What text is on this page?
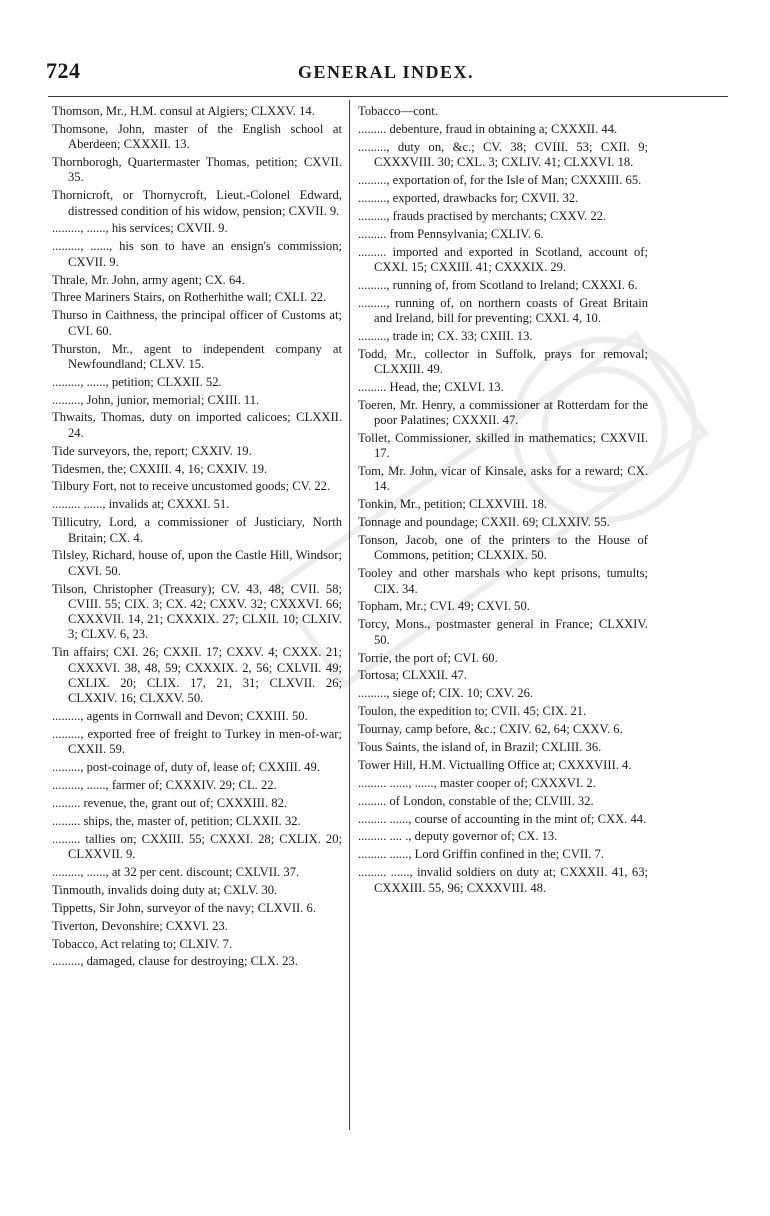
724	GENERAL INDEX.
Thomson, Mr., H.M. consul at Algiers; CLXXV. 14.
Thomsone, John, master of the English school at Aberdeen; CXXXII. 13.
Thornborogh, Quartermaster Thomas, petition; CXVII. 35.
Thornicroft, or Thornycroft, Lieut.-Colonel Edward, distressed condition of his widow, pension; CXVII. 9.
........., ......, his services; CXVII. 9.
........., ......, his son to have an ensign's commission; CXVII. 9.
Thrale, Mr. John, army agent; CX. 64.
Three Mariners Stairs, on Rotherhithe wall; CXLI. 22.
Thurso in Caithness, the principal officer of Customs at; CVI. 60.
Thurston, Mr., agent to independent company at Newfoundland; CLXV. 15.
........., ......, petition; CLXXII. 52.
........., John, junior, memorial; CXIII. 11.
Thwaits, Thomas, duty on imported calicoes; CLXXII. 24.
Tide surveyors, the, report; CXXIV. 19.
Tidesmen, the; CXXIII. 4, 16; CXXIV. 19.
Tilbury Fort, not to receive uncustomed goods; CV. 22.
......... ......, invalids at; CXXXI. 51.
Tillicutry, Lord, a commissioner of Justiciary, North Britain; CX. 4.
Tilsley, Richard, house of, upon the Castle Hill, Windsor; CXVI. 50.
Tilson, Christopher (Treasury); CV. 43, 48; CVII. 58; CVIII. 55; CIX. 3; CX. 42; CXXV. 32; CXXXVI. 66; CXXXVII. 14, 21; CXXXIX. 27; CLXII. 10; CLXIV. 3; CLXV. 6, 23.
Tin affairs; CXI. 26; CXXII. 17; CXXV. 4; CXXX. 21; CXXXVI. 38, 48, 59; CXXXIX. 2, 56; CXLVII. 49; CXLIX. 20; CLIX. 17, 21, 31; CLXVII. 26; CLXXIV. 16; CLXXV. 50.
........., agents in Cornwall and Devon; CXXIII. 50.
........., exported free of freight to Turkey in men-of-war; CXXII. 59.
........., post-coinage of, duty of, lease of; CXXIII. 49.
........., ......, farmer of; CXXXIV. 29; CL. 22.
......... revenue, the, grant out of; CXXXIII. 82.
......... ships, the, master of, petition; CLXXII. 32.
......... tallies on; CXXIII. 55; CXXXI. 28; CXLIX. 20; CLXXVII. 9.
........., ......, at 32 per cent. discount; CXLVII. 37.
Tinmouth, invalids doing duty at; CXLV. 30.
Tippetts, Sir John, surveyor of the navy; CLXVII. 6.
Tiverton, Devonshire; CXXVI. 23.
Tobacco, Act relating to; CLXIV. 7.
........., damaged, clause for destroying; CLX. 23.
Tobacco—cont.
......... debenture, fraud in obtaining a; CXXXII. 44.
........., duty on, &c.; CV. 38; CVIII. 53; CXII. 9; CXXXVIII. 30; CXL. 3; CXLIV. 41; CLXXVI. 18.
........., exportation of, for the Isle of Man; CXXXIII. 65.
........., exported, drawbacks for; CXVII. 32.
........., frauds practised by merchants; CXXV. 22.
......... from Pennsylvania; CXLIV. 6.
......... imported and exported in Scotland, account of; CXXI. 15; CXXIII. 41; CXXXIX. 29.
........., running of, from Scotland to Ireland; CXXXI. 6.
........., running of, on northern coasts of Great Britain and Ireland, bill for preventing; CXXI. 4, 10.
........., trade in; CX. 33; CXIII. 13.
Todd, Mr., collector in Suffolk, prays for removal; CLXXIII. 49.
......... Head, the; CXLVI. 13.
Toeren, Mr. Henry, a commissioner at Rotterdam for the poor Palatines; CXXXII. 47.
Tollet, Commissioner, skilled in mathematics; CXXVII. 17.
Tom, Mr. John, vicar of Kinsale, asks for a reward; CX. 14.
Tonkin, Mr., petition; CLXXVIII. 18.
Tonnage and poundage; CXXII. 69; CLXXIV. 55.
Tonson, Jacob, one of the printers to the House of Commons, petition; CLXXIX. 50.
Tooley and other marshals who kept prisons, tumults; CIX. 34.
Topham, Mr.; CVI. 49; CXVI. 50.
Torcy, Mons., postmaster general in France; CLXXIV. 50.
Torrie, the port of; CVI. 60.
Tortosa; CLXXII. 47.
........., siege of; CIX. 10; CXV. 26.
Toulon, the expedition to; CVII. 45; CIX. 21.
Tournay, camp before, &c.; CXIV. 62, 64; CXXV. 6.
Tous Saints, the island of, in Brazil; CXLIII. 36.
Tower Hill, H.M. Victualling Office at; CXXXVIII. 4.
......... ......, ......, master cooper of; CXXXVI. 2.
......... of London, constable of the; CLVIII. 32.
......... ......, course of accounting in the mint of; CXX. 44.
......... .... ., deputy governor of; CX. 13.
......... ......, Lord Griffin confined in the; CVII. 7.
......... ......, invalid soldiers on duty at; CXXXII. 41, 63; CXXXIII. 55, 96; CXXXVIII. 48.
